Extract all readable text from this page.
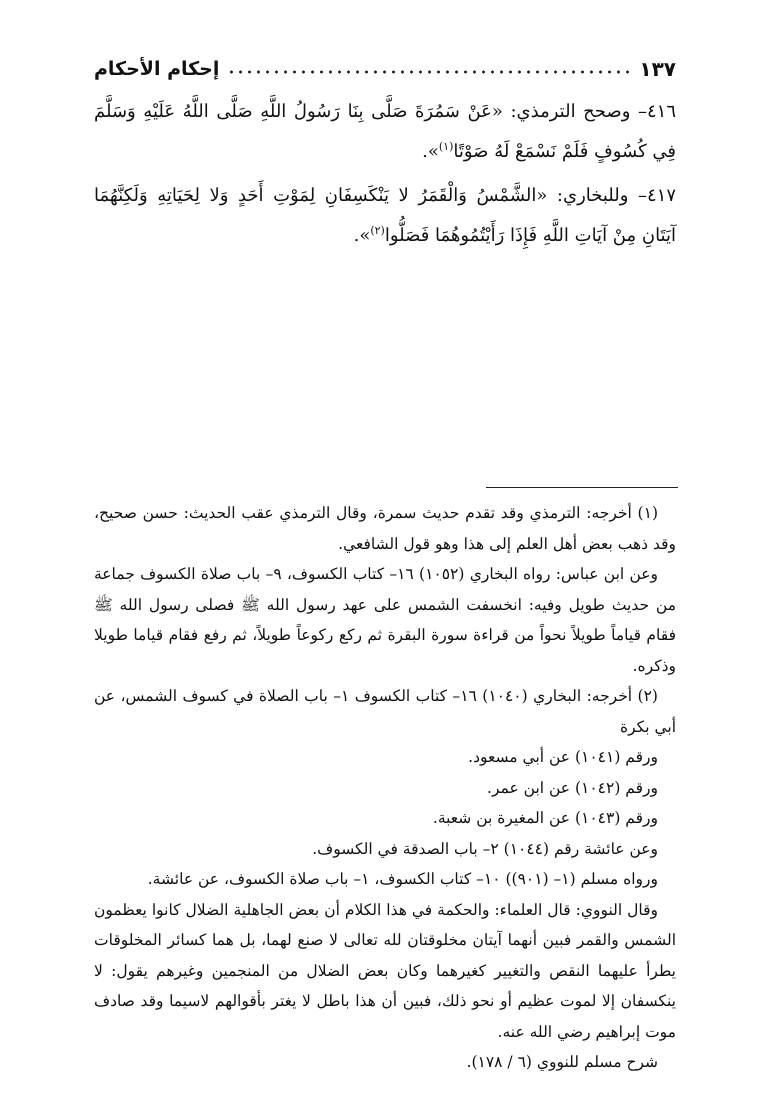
إحكام الأحكام	١٣٧

٤١٦– وصحح الترمذي: «عَنْ سَمُرَةَ صَلَّى بِنَا رَسُولُ اللَّهِ صَلَّى اللَّهُ عَلَيْهِ وَسَلَّمَ فِي كُسُوفٍ فَلَمْ نَسْمَعْ لَهُ صَوْتًا$^{(١)}$».

٤١٧– وللبخاري: «الشَّمْسُ وَالْقَمَرُ لا يَنْكَسِفَانِ لِمَوْتِ أَحَدٍ وَلا لِحَيَاتِهِ وَلَكِنَّهُمَا آيَتَانِ مِنْ آيَاتِ اللَّهِ فَإِذَا رَأَيْتُمُوهُمَا فَصَلُّوا$^{(٢)}$».

(١) أخرجه: الترمذي وقد تقدم حديث سمرة، وقال الترمذي عقب الحديث: حسن صحيح، وقد ذهب بعض أهل العلم إلى هذا وهو قول الشافعي.

وعن ابن عباس: رواه البخاري (١٠٥٢) ١٦– كتاب الكسوف، ٩– باب صلاة الكسوف جماعة من حديث طويل وفيه: انخسفت الشمس على عهد رسول الله ﷺ فصلى رسول الله ﷺ فقام قياماً طويلاً نحواً من قراءة سورة البقرة ثم ركع ركوعاً طويلاً، ثم رفع فقام قياما طويلا وذكره.

(٢) أخرجه: البخاري (١٠٤٠) ١٦– كتاب الكسوف ١– باب الصلاة في كسوف الشمس، عن أبي بكرة

ورقم (١٠٤١) عن أبي مسعود.

ورقم (١٠٤٢) عن ابن عمر.

ورقم (١٠٤٣) عن المغيرة بن شعبة.

وعن عائشة رقم (١٠٤٤) ٢– باب الصدقة في الكسوف.

ورواه مسلم (١– (٩٠١)) ١٠– كتاب الكسوف، ١– باب صلاة الكسوف، عن عائشة.

وقال النووي: قال العلماء: والحكمة في هذا الكلام أن بعض الجاهلية الضلال كانوا يعظمون الشمس والقمر فبين أنهما آيتان مخلوقتان لله تعالى لا صنع لهما، بل هما كسائر المخلوقات يطرأ عليهما النقص والتغيير كغيرهما وكان بعض الضلال من المنجمين وغيرهم يقول: لا ينكسفان إلا لموت عظيم أو نحو ذلك، فبين أن هذا باطل لا يغتر بأقوالهم لاسيما وقد صادف موت إبراهيم رضي الله عنه.

شرح مسلم للنووي (٦ / ١٧٨).
